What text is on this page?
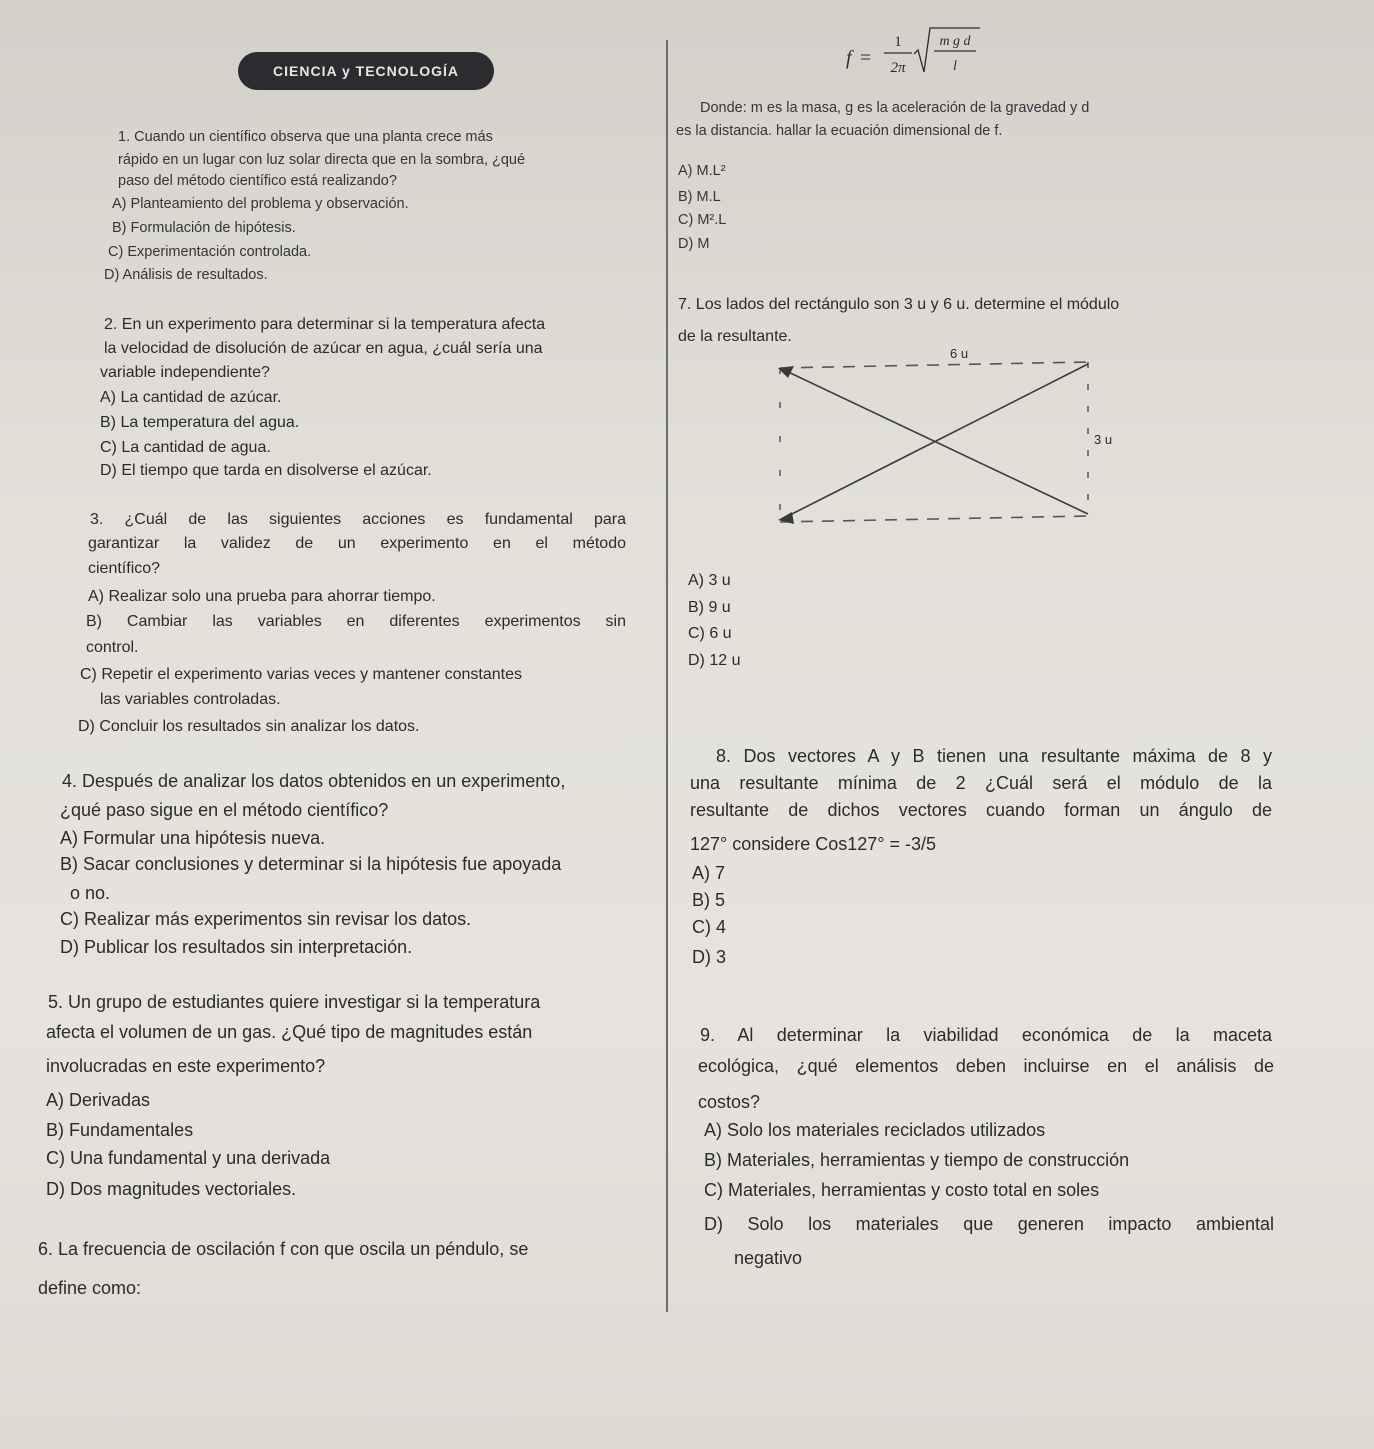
CIENCIA y TECNOLOGÍA
1. Cuando un científico observa que una planta crece más
rápido en un lugar con luz solar directa que en la sombra, ¿qué
paso del método científico está realizando?
A) Planteamiento del problema y observación.
B) Formulación de hipótesis.
C) Experimentación controlada.
D) Análisis de resultados.
2. En un experimento para determinar si la temperatura afecta
la velocidad de disolución de azúcar en agua, ¿cuál sería una
variable independiente?
A) La cantidad de azúcar.
B) La temperatura del agua.
C) La cantidad de agua.
D) El tiempo que tarda en disolverse el azúcar.
3. ¿Cuál de las siguientes acciones es fundamental para
garantizar la validez de un experimento en el método
científico?
A) Realizar solo una prueba para ahorrar tiempo.
B) Cambiar las variables en diferentes experimentos sin
control.
C) Repetir el experimento varias veces y mantener constantes
las variables controladas.
D) Concluir los resultados sin analizar los datos.
4. Después de analizar los datos obtenidos en un experimento,
¿qué paso sigue en el método científico?
A) Formular una hipótesis nueva.
B) Sacar conclusiones y determinar si la hipótesis fue apoyada
o no.
C) Realizar más experimentos sin revisar los datos.
D) Publicar los resultados sin interpretación.
5. Un grupo de estudiantes quiere investigar si la temperatura
afecta el volumen de un gas. ¿Qué tipo de magnitudes están
involucradas en este experimento?
A) Derivadas
B) Fundamentales
C) Una fundamental y una derivada
D) Dos magnitudes vectoriales.
6. La frecuencia de oscilación f con que oscila un péndulo, se
define como:
f =
1
2π
m g d
l
Donde: m es la masa, g es la aceleración de la gravedad y d
es la distancia. hallar la ecuación dimensional de f.
A) M.L²
B) M.L
C) M².L
D) M
7. Los lados del rectángulo son 3 u y 6 u. determine el módulo
de la resultante.
6 u
3 u
A) 3 u
B) 9 u
C) 6 u
D) 12 u
8. Dos vectores A y B tienen una resultante máxima de 8 y
una resultante mínima de 2 ¿Cuál será el módulo de la
resultante de dichos vectores cuando forman un ángulo de
127° considere Cos127° = -3/5
A) 7
B) 5
C) 4
D) 3
9. Al determinar la viabilidad económica de la maceta
ecológica, ¿qué elementos deben incluirse en el análisis de
costos?
A) Solo los materiales reciclados utilizados
B) Materiales, herramientas y tiempo de construcción
C) Materiales, herramientas y costo total en soles
D) Solo los materiales que generen impacto ambiental
negativo
